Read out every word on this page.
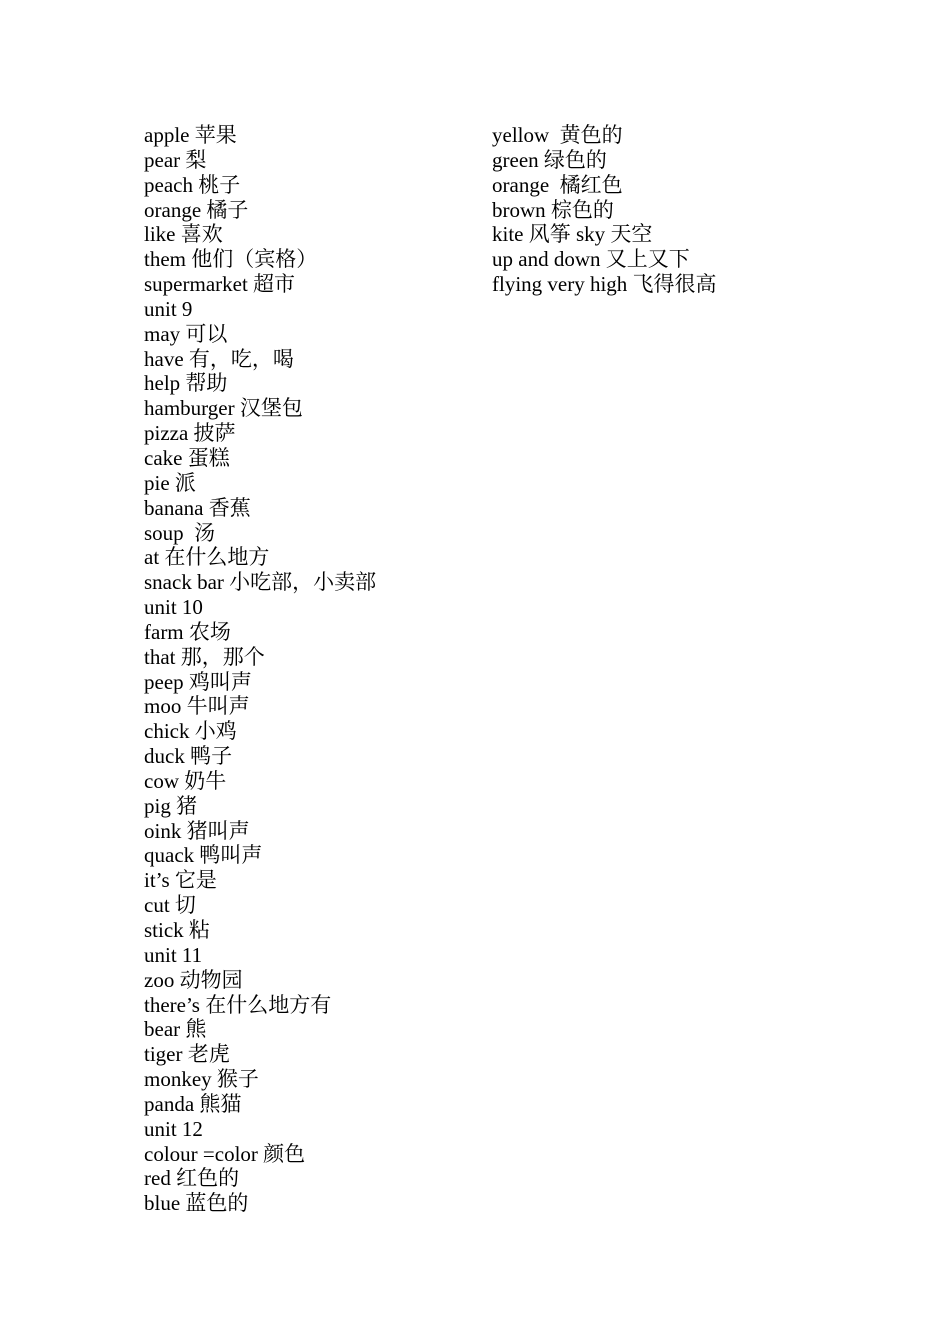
apple 苹果
pear 梨
peach 桃子
orange 橘子
like 喜欢
them 他们（宾格）
supermarket 超市
unit 9
may 可以
have 有，吃，喝
help 帮助
hamburger 汉堡包
pizza 披萨
cake 蛋糕
pie 派
banana 香蕉
soup  汤
at 在什么地方
snack bar 小吃部，小卖部
unit 10
farm 农场
that 那，那个
peep 鸡叫声
moo 牛叫声
chick 小鸡
duck 鸭子
cow 奶牛
pig 猪
oink 猪叫声
quack 鸭叫声
it’s 它是
cut 切
stick 粘
unit 11
zoo 动物园
there’s 在什么地方有
bear 熊
tiger 老虎
monkey 猴子
panda 熊猫
unit 12
colour =color 颜色
red 红色的
blue 蓝色的
yellow  黄色的
green 绿色的
orange  橘红色
brown 棕色的
kite 风筝 sky 天空
up and down 又上又下
flying very high 飞得很高
